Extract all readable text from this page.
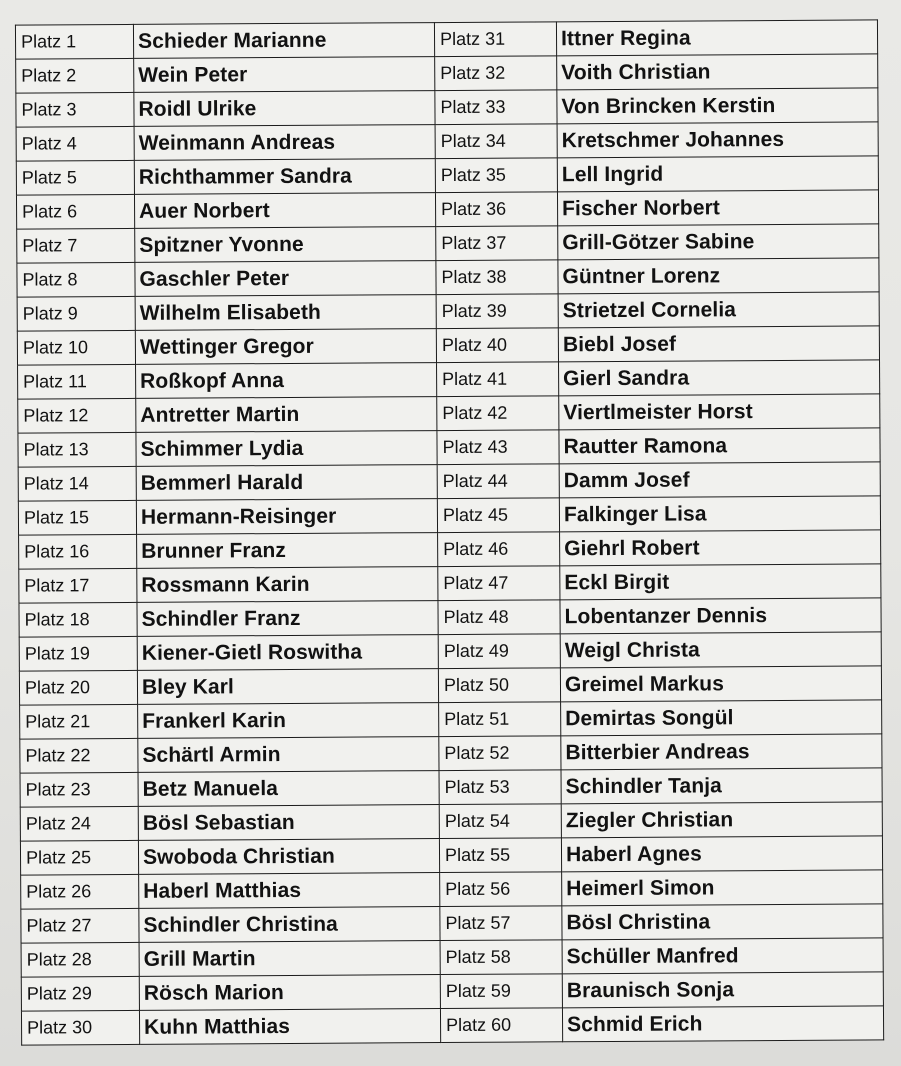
Platz 1	Schieder Marianne	Platz 31	Ittner Regina
Platz 2	Wein Peter	Platz 32	Voith Christian
Platz 3	Roidl Ulrike	Platz 33	Von Brincken Kerstin
Platz 4	Weinmann Andreas	Platz 34	Kretschmer Johannes
Platz 5	Richthammer Sandra	Platz 35	Lell Ingrid
Platz 6	Auer Norbert	Platz 36	Fischer Norbert
Platz 7	Spitzner Yvonne	Platz 37	Grill-Götzer Sabine
Platz 8	Gaschler Peter	Platz 38	Güntner Lorenz
Platz 9	Wilhelm Elisabeth	Platz 39	Strietzel Cornelia
Platz 10	Wettinger Gregor	Platz 40	Biebl Josef
Platz 11	Roßkopf Anna	Platz 41	Gierl Sandra
Platz 12	Antretter Martin	Platz 42	Viertlmeister Horst
Platz 13	Schimmer Lydia	Platz 43	Rautter Ramona
Platz 14	Bemmerl Harald	Platz 44	Damm Josef
Platz 15	Hermann-Reisinger	Platz 45	Falkinger Lisa
Platz 16	Brunner Franz	Platz 46	Giehrl Robert
Platz 17	Rossmann Karin	Platz 47	Eckl Birgit
Platz 18	Schindler Franz	Platz 48	Lobentanzer Dennis
Platz 19	Kiener-Gietl Roswitha	Platz 49	Weigl Christa
Platz 20	Bley Karl	Platz 50	Greimel Markus
Platz 21	Frankerl Karin	Platz 51	Demirtas Songül
Platz 22	Schärtl Armin	Platz 52	Bitterbier Andreas
Platz 23	Betz Manuela	Platz 53	Schindler Tanja
Platz 24	Bösl Sebastian	Platz 54	Ziegler Christian
Platz 25	Swoboda Christian	Platz 55	Haberl Agnes
Platz 26	Haberl Matthias	Platz 56	Heimerl Simon
Platz 27	Schindler Christina	Platz 57	Bösl Christina
Platz 28	Grill Martin	Platz 58	Schüller Manfred
Platz 29	Rösch Marion	Platz 59	Braunisch Sonja
Platz 30	Kuhn Matthias	Platz 60	Schmid Erich
